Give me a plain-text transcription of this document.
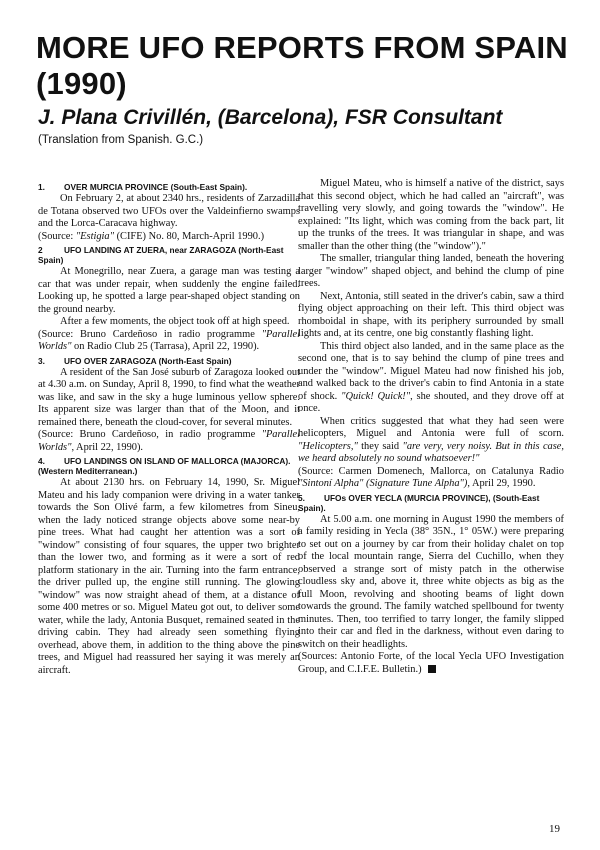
MORE UFO REPORTS FROM SPAIN (1990)
J. Plana Crivillén, (Barcelona), FSR Consultant
(Translation from Spanish. G.C.)
1. OVER MURCIA PROVINCE (South-East Spain).

On February 2, at about 2340 hrs., residents of Zarzadilla de Totana observed two UFOs over the Valdeinfierno swamps and the Lorca-Caracava highway.

(Source: "Estigia" (CIFE) No. 80, March-April 1990.)

2	UFO LANDING AT ZUERA, near ZARAGOZA (North-East Spain)

At Monegrillo, near Zuera, a garage man was testing a car that was under repair, when suddenly the engine failed. Looking up, he spotted a large pear-shaped object standing on the ground nearby.

After a few moments, the object took off at high speed.

(Source: Bruno Cardeñoso in radio programme "Parallel Worlds" on Radio Club 25 (Tarrasa), April 22, 1990).

3. UFO OVER ZARAGOZA (North-East Spain)

A resident of the San José suburb of Zaragoza looked out at 4.30 a.m. on Sunday, April 8, 1990, to find what the weather was like, and saw in the sky a huge luminous yellow sphere. Its apparent size was larger than that of the Moon, and it remained there, beneath the cloud-cover, for several minutes.

(Source: Bruno Cardeñoso, in radio programme "Parallel Worlds", April 22, 1990).

4. UFO LANDINGS ON ISLAND OF MALLORCA (MAJORCA). (Western Mediterranean.)

At about 2130 hrs. on February 14, 1990, Sr. Miguel Mateu and his lady companion were driving in a water tanker towards the Son Olivé farm, a few kilometres from Sineu, when the lady noticed strange objects above some near-by pine trees. What had caught her attention was a sort of "window" consisting of four squares, the upper two brighter than the lower two, and forming as it were a sort of red platform stationary in the air. Turning into the farm entrance, the driver pulled up, the engine still running. The glowing "window" was now straight ahead of them, at a distance of some 400 metres or so. Miguel Mateu got out, to deliver some water, while the lady, Antonia Busquet, remained seated in the driving cabin. They had already seen something flying overhead, above them, in addition to the thing above the pine trees, and Miguel had reassured her saying it was merely an aircraft.

Miguel Mateu, who is himself a native of the district, says that this second object, which he had called an "aircraft", was travelling very slowly, and going towards the "window". He explained: "Its light, which was coming from the back part, lit up the trunks of the trees. It was triangular in shape, and was smaller than the other thing (the "window")."

The smaller, triangular thing landed, beneath the hovering larger "window" shaped object, and behind the clump of pine trees.

Next, Antonia, still seated in the driver's cabin, saw a third flying object approaching on their left. This third object was rhomboidal in shape, with its periphery surrounded by small lights and, at its centre, one big constantly flashing light.

This third object also landed, and in the same place as the second one, that is to say behind the clump of pine trees and under the "window". Miguel Mateu had now finished his job, and walked back to the driver's cabin to find Antonia in a state of shock. "Quick! Quick!", she shouted, and they drove off at once.

When critics suggested that what they had seen were helicopters, Miguel and Antonia were full of scorn. "Helicopters," they said "are very, very noisy. But in this case, we heard absolutely no sound whatsoever!"

(Source: Carmen Domenech, Mallorca, on Catalunya Radio "Sintoní Alpha" (Signature Tune Alpha"), April 29, 1990.

5. UFOs OVER YECLA (MURCIA PROVINCE), (South-East Spain).

At 5.00 a.m. one morning in August 1990 the members of a family residing in Yecla (38° 35N., 1° 05W.) were preparing to set out on a journey by car from their holiday chalet on top of the local mountain range, Sierra del Cuchillo, when they observed a strange sort of misty patch in the otherwise cloudless sky and, above it, three white objects as big as the full Moon, revolving and shooting beams of light down towards the ground. The family watched spellbound for twenty minutes. Then, too terrified to tarry longer, the family slipped into their car and fled in the darkness, without even daring to switch on their headlights.

(Sources: Antonio Forte, of the local Yecla UFO Investigation Group, and C.I.F.E. Bulletin.)

19
